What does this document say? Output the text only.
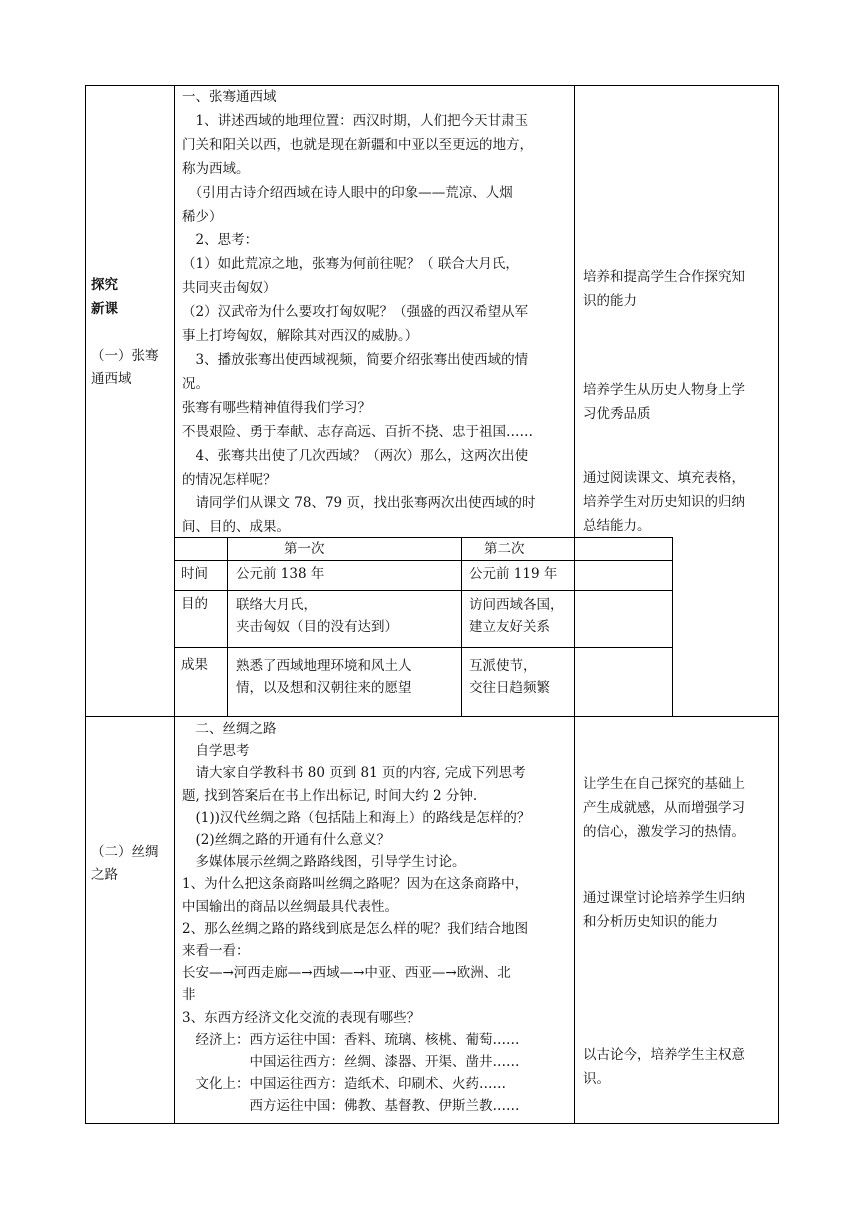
探究
新课
（一）张骞
通西域
（二）丝绸
之路
一、张骞通西域
　1、讲述西域的地理位置：西汉时期，人们把今天甘肃玉
门关和阳关以西，也就是现在新疆和中亚以至更远的地方，
称为西域。
　（引用古诗介绍西域在诗人眼中的印象——荒凉、人烟
稀少）
　2、思考：
（1）如此荒凉之地，张骞为何前往呢？（ 联合大月氏，
共同夹击匈奴）
（2）汉武帝为什么要攻打匈奴呢？（强盛的西汉希望从军
事上打垮匈奴，解除其对西汉的威胁。）
　3、播放张骞出使西域视频，简要介绍张骞出使西域的情
况。
张骞有哪些精神值得我们学习？
不畏艰险、勇于奉献、志存高远、百折不挠、忠于祖国……
　4、张骞共出使了几次西域？（两次）那么，这两次出使
的情况怎样呢？
　请同学们从课文 78、79 页，找出张骞两次出使西域的时
间、目的、成果。
培养和提高学生合作探究知
识的能力
培养学生从历史人物身上学
习优秀品质
通过阅读课文、填充表格，
培养学生对历史知识的归纳
总结能力。
第一次	第二次
时间 公元前 138 年	公元前 119 年
目的 联络大月氏，
夹击匈奴（目的没有达到）
访问西域各国，
建立友好关系
成果 熟悉了西域地理环境和风土人
情，以及想和汉朝往来的愿望
互派使节，
交往日趋频繁
　二、丝绸之路
　自学思考
　请大家自学教科书 80 页到 81 页的内容, 完成下列思考
题, 找到答案后在书上作出标记, 时间大约 2 分钟.
　(1))汉代丝绸之路（包括陆上和海上）的路线是怎样的？
　(2)丝绸之路的开通有什么意义？
　多媒体展示丝绸之路路线图，引导学生讨论。
1、为什么把这条商路叫丝绸之路呢？因为在这条商路中，
中国输出的商品以丝绸最具代表性。
2、那么丝绸之路的路线到底是怎么样的呢？我们结合地图
来看一看：
长安—→河西走廊—→西域—→中亚、西亚—→欧洲、北
非
3、东西方经济文化交流的表现有哪些？
　经济上：西方运往中国：香料、琉璃、核桃、葡萄……
　　　　　中国运往西方：丝绸、漆器、开渠、凿井……
　文化上：中国运往西方：造纸术、印刷术、火药……
　　　　　西方运往中国：佛教、基督教、伊斯兰教……
让学生在自己探究的基础上
产生成就感，从而增强学习
的信心，激发学习的热情。
通过课堂讨论培养学生归纳
和分析历史知识的能力
以古论今，培养学生主权意
识。
